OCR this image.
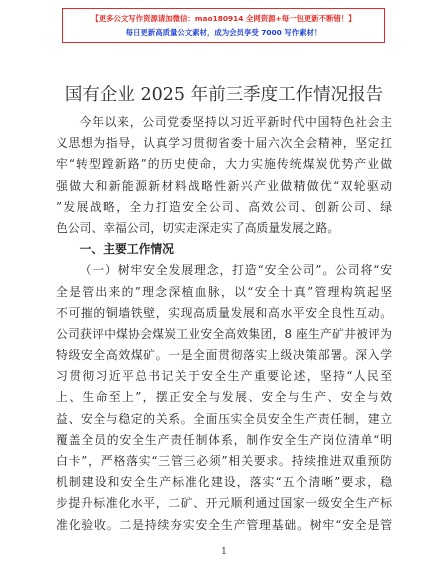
【更多公文写作资源请加微信：mao180914 全网资源+每一包更新不断错！】
每日更新高质量公文素材，成为会员享受 7000 写作素材！
国有企业 2025 年前三季度工作情况报告
今年以来，公司党委坚持以习近平新时代中国特色社会主
义思想为指导，认真学习贯彻省委十届六次全会精神，坚定扛
牢“转型蹚新路”的历史使命，大力实施传统煤炭优势产业做
强做大和新能源新材料战略性新兴产业做精做优“双轮驱动
”发展战略，全力打造安全公司、高效公司、创新公司、绿
色公司、幸福公司，切实走深走实了高质量发展之路。
一、主要工作情况
（一）树牢安全发展理念，打造“安全公司”。公司将“安
全是管出来的”理念深植血脉，以“安全十真”管理构筑起坚
不可摧的铜墙铁壁，实现高质量发展和高水平安全良性互动。
公司获评中煤协会煤炭工业安全高效集团，8 座生产矿井被评为
特级安全高效煤矿。一是全面贯彻落实上级决策部署。深入学
习贯彻习近平总书记关于安全生产重要论述，坚持“人民至
上、生命至上”，摆正安全与发展、安全与生产、安全与效
益、安全与稳定的关系。全面压实全员安全生产责任制，建立
覆盖全员的安全生产责任制体系，制作安全生产岗位清单“明
白卡”，严格落实“三管三必须”相关要求。持续推进双重预防
机制建设和安全生产标准化建设，落实“五个清晰”要求，稳
步提升标准化水平，二矿、开元顺利通过国家一级安全生产标
准化验收。二是持续夯实安全生产管理基础。树牢“安全是管
1
